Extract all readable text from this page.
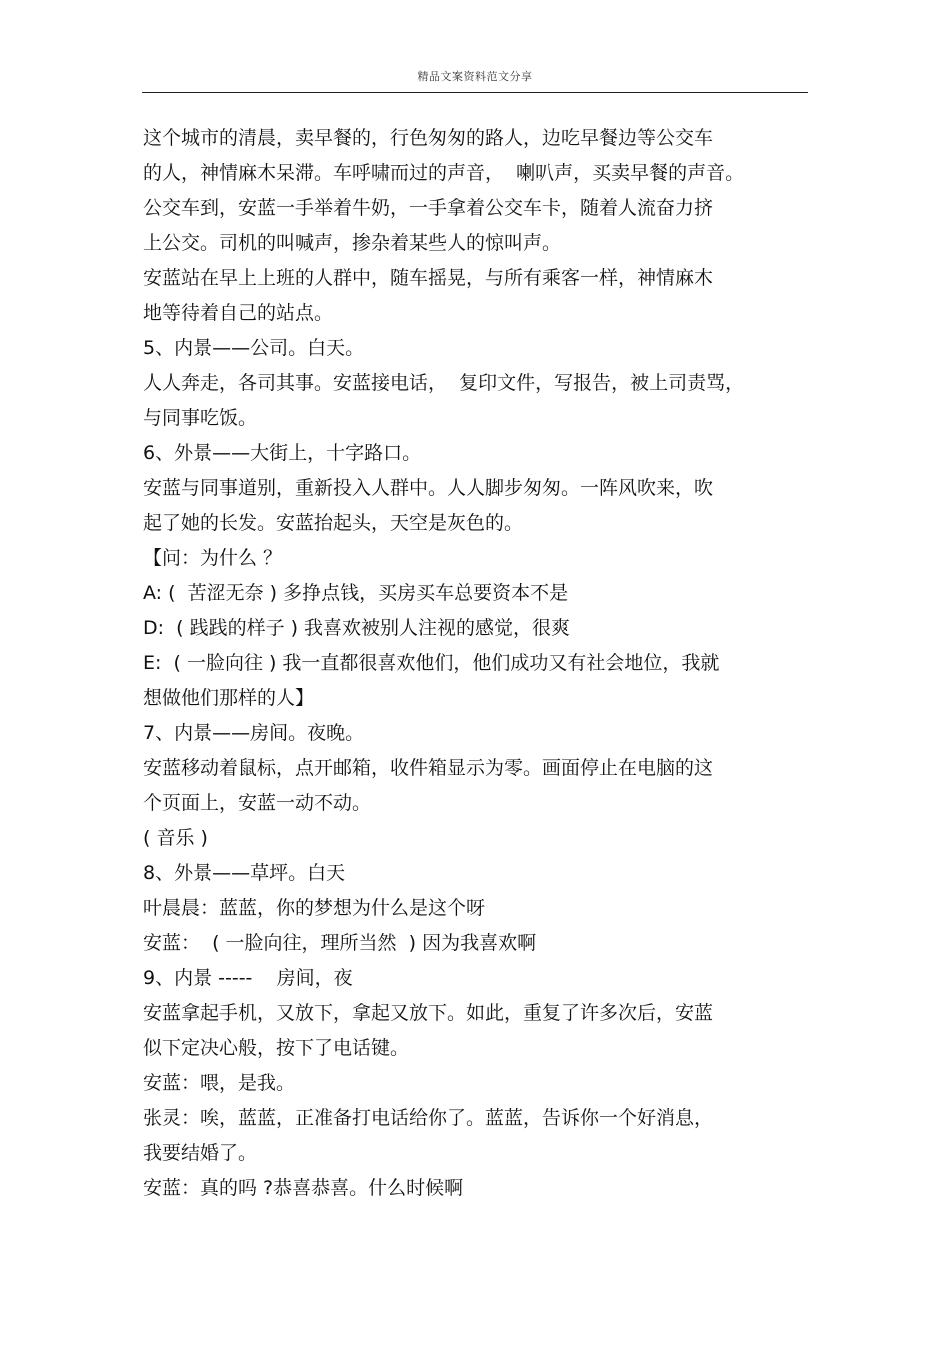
精品文案资料范文分享
这个城市的清晨，卖早餐的，行色匆匆的路人，边吃早餐边等公交车
的人，神情麻木呆滞。车呼啸而过的声音，  喇叭声，买卖早餐的声音。
公交车到，安蓝一手举着牛奶，一手拿着公交车卡，随着人流奋力挤
上公交。司机的叫喊声，掺杂着某些人的惊叫声。
安蓝站在早上上班的人群中，随车摇晃，与所有乘客一样，神情麻木
地等待着自己的站点。
5、内景——公司。白天。
人人奔走，各司其事。安蓝接电话，  复印文件，写报告，被上司责骂，
与同事吃饭。
6、外景——大街上，十字路口。
安蓝与同事道别，重新投入人群中。人人脚步匆匆。一阵风吹来，吹
起了她的长发。安蓝抬起头，天空是灰色的。
【问：为什么 ？
A: (  苦涩无奈 ) 多挣点钱，买房买车总要资本不是
D:  ( 践践的样子 ) 我喜欢被别人注视的感觉，很爽
E:  ( 一脸向往 ) 我一直都很喜欢他们，他们成功又有社会地位，我就
想做他们那样的人】
7、内景——房间。夜晚。
安蓝移动着鼠标，点开邮箱，收件箱显示为零。画面停止在电脑的这
个页面上，安蓝一动不动。
( 音乐 )
8、外景——草坪。白天
叶晨晨：蓝蓝，你的梦想为什么是这个呀
安蓝：  ( 一脸向往，理所当然  ) 因为我喜欢啊
9、内景 -----    房间，夜
安蓝拿起手机，又放下，拿起又放下。如此，重复了许多次后，安蓝
似下定决心般，按下了电话键。
安蓝：喂，是我。
张灵：唉，蓝蓝，正准备打电话给你了。蓝蓝，告诉你一个好消息，
我要结婚了。
安蓝：真的吗 ?恭喜恭喜。什么时候啊
